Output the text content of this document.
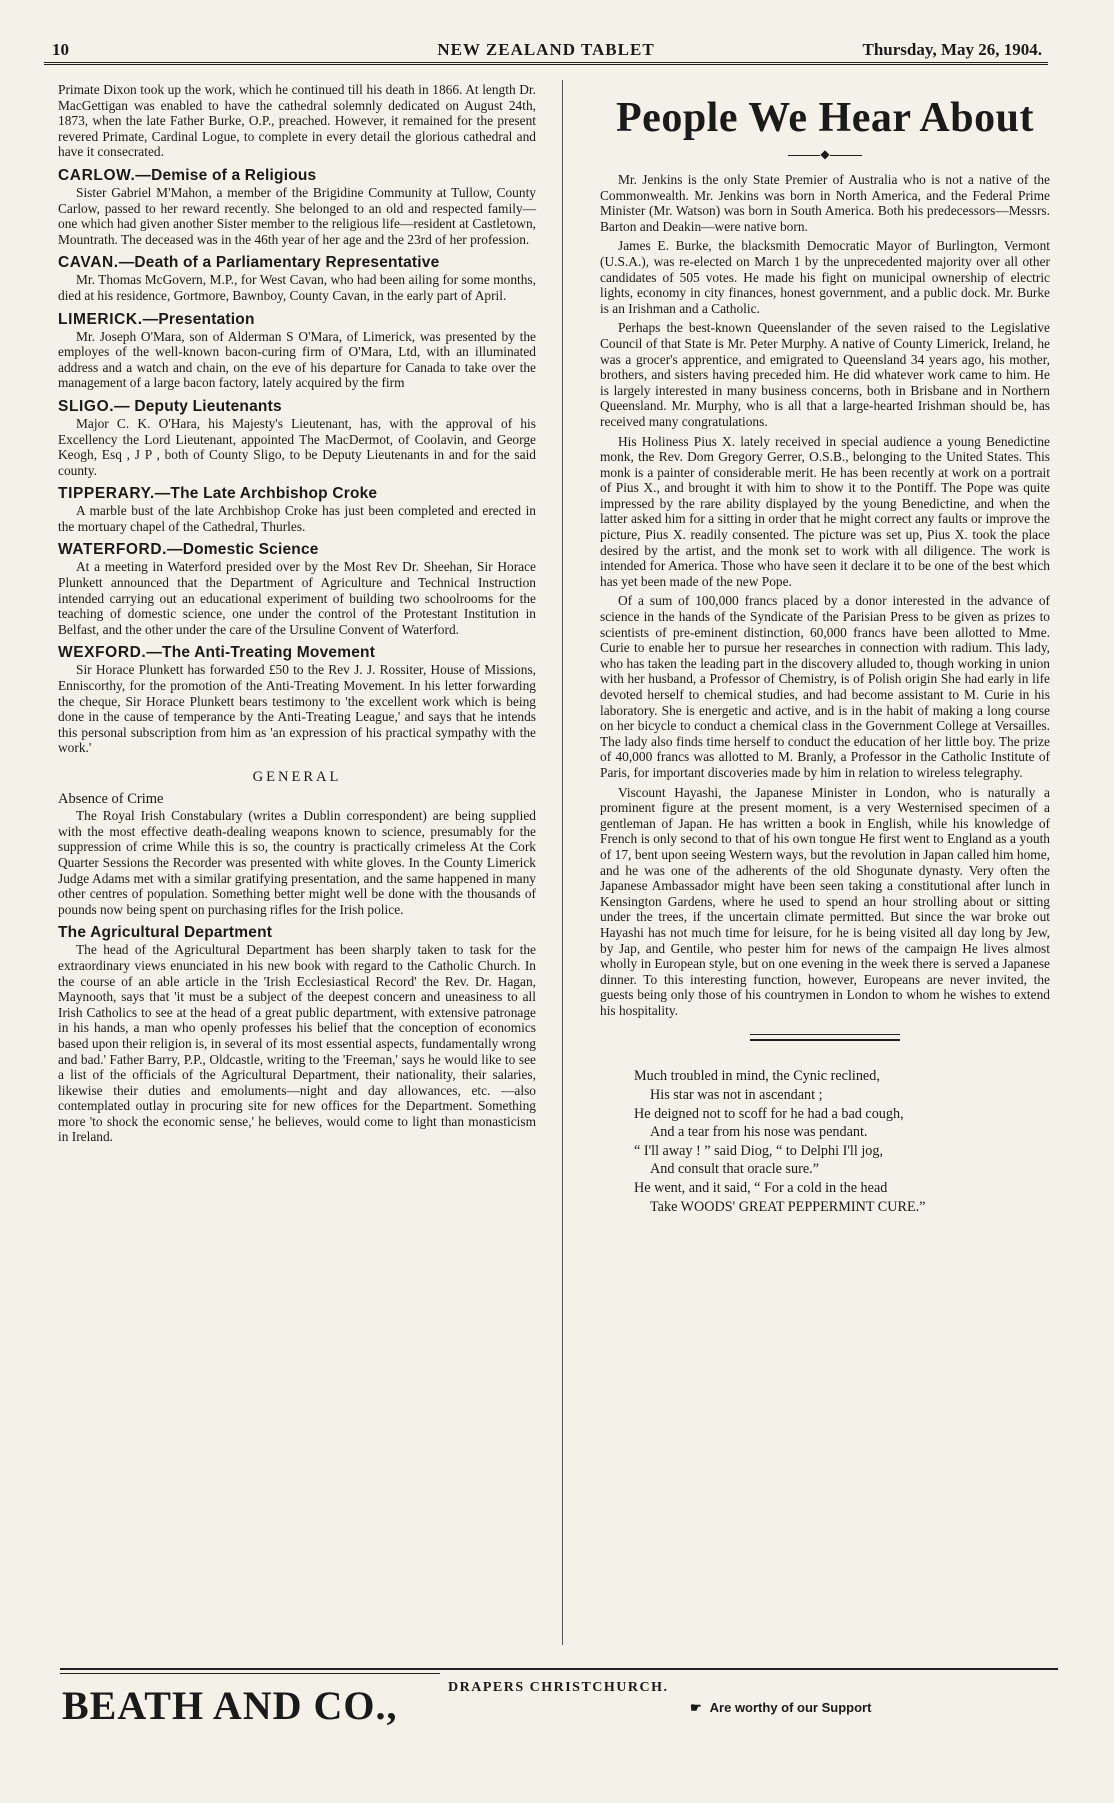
10	NEW ZEALAND TABLET	Thursday, May 26, 1904.

Primate Dixon took up the work, which he continued till his death in 1866. At length Dr. MacGettigan was enabled to have the cathedral solemnly dedicated on August 24th, 1873, when the late Father Burke, O.P., preached. However, it remained for the present revered Primate, Cardinal Logue, to complete in every detail the glorious cathedral and have it consecrated.

CARLOW.—Demise of a Religious

Sister Gabriel M'Mahon, a member of the Brigidine Community at Tullow, County Carlow, passed to her reward recently. She belonged to an old and respected family—one which had given another Sister member to the religious life—resident at Castletown, Mountrath. The deceased was in the 46th year of her age and the 23rd of her profession.

CAVAN.—Death of a Parliamentary Representative

Mr. Thomas McGovern, M.P., for West Cavan, who had been ailing for some months, died at his residence, Gortmore, Bawnboy, County Cavan, in the early part of April.

LIMERICK.—Presentation

Mr. Joseph O'Mara, son of Alderman S O'Mara, of Limerick, was presented by the employes of the well-known bacon-curing firm of O'Mara, Ltd, with an illuminated address and a watch and chain, on the eve of his departure for Canada to take over the management of a large bacon factory, lately acquired by the firm

SLIGO.— Deputy Lieutenants

Major C. K. O'Hara, his Majesty's Lieutenant, has, with the approval of his Excellency the Lord Lieutenant, appointed The MacDermot, of Coolavin, and George Keogh, Esq , J P , both of County Sligo, to be Deputy Lieutenants in and for the said county.

TIPPERARY.—The Late Archbishop Croke

A marble bust of the late Archbishop Croke has just been completed and erected in the mortuary chapel of the Cathedral, Thurles.

WATERFORD.—Domestic Science

At a meeting in Waterford presided over by the Most Rev Dr. Sheehan, Sir Horace Plunkett announced that the Department of Agriculture and Technical Instruction intended carrying out an educational experiment of building two schoolrooms for the teaching of domestic science, one under the control of the Protestant Institution in Belfast, and the other under the care of the Ursuline Convent of Waterford.

WEXFORD.—The Anti-Treating Movement

Sir Horace Plunkett has forwarded £50 to the Rev J. J. Rossiter, House of Missions, Enniscorthy, for the promotion of the Anti-Treating Movement. In his letter forwarding the cheque, Sir Horace Plunkett bears testimony to 'the excellent work which is being done in the cause of temperance by the Anti-Treating League,' and says that he intends this personal subscription from him as 'an expression of his practical sympathy with the work.'

GENERAL
Absence of Crime

The Royal Irish Constabulary (writes a Dublin correspondent) are being supplied with the most effective death-dealing weapons known to science, presumably for the suppression of crime While this is so, the country is practically crimeless At the Cork Quarter Sessions the Recorder was presented with white gloves. In the County Limerick Judge Adams met with a similar gratifying presentation, and the same happened in many other centres of population. Something better might well be done with the thousands of pounds now being spent on purchasing rifles for the Irish police.

The Agricultural Department

The head of the Agricultural Department has been sharply taken to task for the extraordinary views enunciated in his new book with regard to the Catholic Church. In the course of an able article in the 'Irish Ecclesiastical Record' the Rev. Dr. Hagan, Maynooth, says that 'it must be a subject of the deepest concern and uneasiness to all Irish Catholics to see at the head of a great public department, with extensive patronage in his hands, a man who openly professes his belief that the conception of economics based upon their religion is, in several of its most essential aspects, fundamentally wrong and bad.' Father Barry, P.P., Oldcastle, writing to the 'Freeman,' says he would like to see a list of the officials of the Agricultural Department, their nationality, their salaries, likewise their duties and emoluments—night and day allowances, etc. —also contemplated outlay in procuring site for new offices for the Department. Something more 'to shock the economic sense,' he believes, would come to light than monasticism in Ireland.

People We Hear About
◆

Mr. Jenkins is the only State Premier of Australia who is not a native of the Commonwealth. Mr. Jenkins was born in North America, and the Federal Prime Minister (Mr. Watson) was born in South America. Both his predecessors—Messrs. Barton and Deakin—were native born.

James E. Burke, the blacksmith Democratic Mayor of Burlington, Vermont (U.S.A.), was re-elected on March 1 by the unprecedented majority over all other candidates of 505 votes. He made his fight on municipal ownership of electric lights, economy in city finances, honest government, and a public dock. Mr. Burke is an Irishman and a Catholic.

Perhaps the best-known Queenslander of the seven raised to the Legislative Council of that State is Mr. Peter Murphy. A native of County Limerick, Ireland, he was a grocer's apprentice, and emigrated to Queensland 34 years ago, his mother, brothers, and sisters having preceded him. He did whatever work came to him. He is largely interested in many business concerns, both in Brisbane and in Northern Queensland. Mr. Murphy, who is all that a large-hearted Irishman should be, has received many congratulations.

His Holiness Pius X. lately received in special audience a young Benedictine monk, the Rev. Dom Gregory Gerrer, O.S.B., belonging to the United States. This monk is a painter of considerable merit. He has been recently at work on a portrait of Pius X., and brought it with him to show it to the Pontiff. The Pope was quite impressed by the rare ability displayed by the young Benedictine, and when the latter asked him for a sitting in order that he might correct any faults or improve the picture, Pius X. readily consented. The picture was set up, Pius X. took the place desired by the artist, and the monk set to work with all diligence. The work is intended for America. Those who have seen it declare it to be one of the best which has yet been made of the new Pope.

Of a sum of 100,000 francs placed by a donor interested in the advance of science in the hands of the Syndicate of the Parisian Press to be given as prizes to scientists of pre-eminent distinction, 60,000 francs have been allotted to Mme. Curie to enable her to pursue her researches in connection with radium. This lady, who has taken the leading part in the discovery alluded to, though working in union with her husband, a Professor of Chemistry, is of Polish origin She had early in life devoted herself to chemical studies, and had become assistant to M. Curie in his laboratory. She is energetic and active, and is in the habit of making a long course on her bicycle to conduct a chemical class in the Government College at Versailles. The lady also finds time herself to conduct the education of her little boy. The prize of 40,000 francs was allotted to M. Branly, a Professor in the Catholic Institute of Paris, for important discoveries made by him in relation to wireless telegraphy.

Viscount Hayashi, the Japanese Minister in London, who is naturally a prominent figure at the present moment, is a very Westernised specimen of a gentleman of Japan. He has written a book in English, while his knowledge of French is only second to that of his own tongue He first went to England as a youth of 17, bent upon seeing Western ways, but the revolution in Japan called him home, and he was one of the adherents of the old Shogunate dynasty. Very often the Japanese Ambassador might have been seen taking a constitutional after lunch in Kensington Gardens, where he used to spend an hour strolling about or sitting under the trees, if the uncertain climate permitted. But since the war broke out Hayashi has not much time for leisure, for he is being visited all day long by Jew, by Jap, and Gentile, who pester him for news of the campaign He lives almost wholly in European style, but on one evening in the week there is served a Japanese dinner. To this interesting function, however, Europeans are never invited, the guests being only those of his countrymen in London to whom he wishes to extend his hospitality.

Much troubled in mind, the Cynic reclined,
His star was not in ascendant ;
He deigned not to scoff for he had a bad cough,
And a tear from his nose was pendant.
“ I'll away ! ” said Diog, “ to Delphi I'll jog,
And consult that oracle sure.”
He went, and it said, “ For a cold in the head
Take WOODS' GREAT PEPPERMINT CURE.”
BEATH AND CO.,	DRAPERS CHRISTCHURCH.
☛ Are worthy of our Support
